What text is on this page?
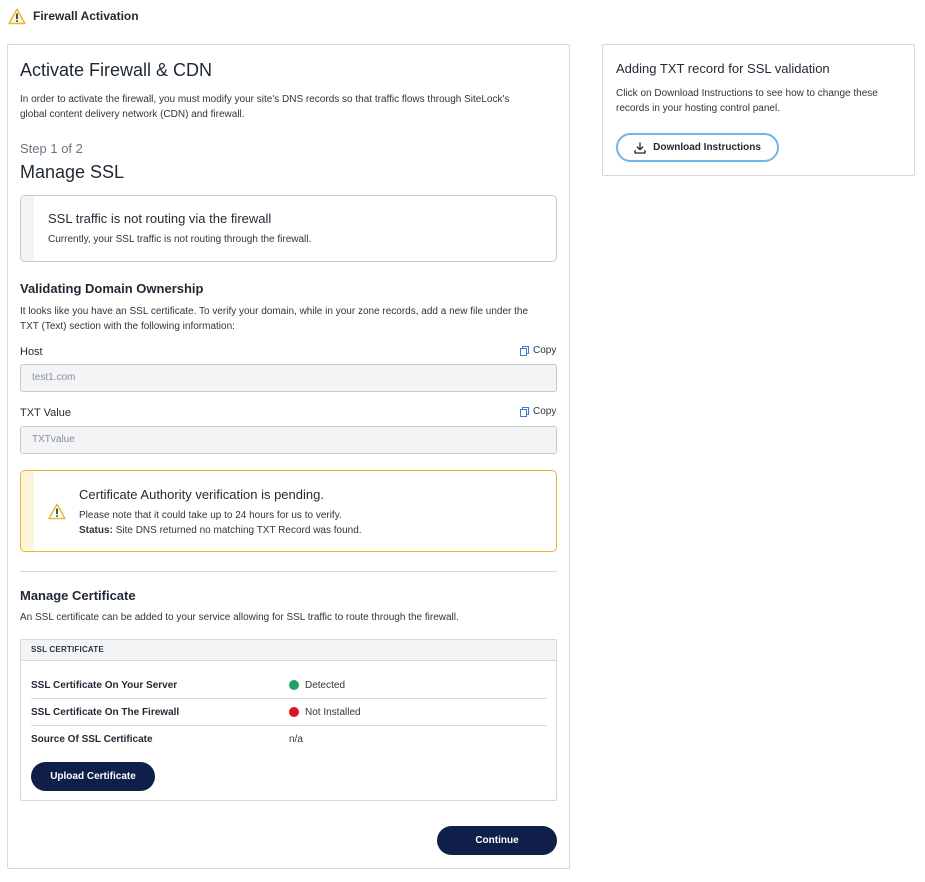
Firewall Activation
Activate Firewall & CDN
In order to activate the firewall, you must modify your site's DNS records so that traffic flows through SiteLock's
global content delivery network (CDN) and firewall.
Step 1 of 2
Manage SSL
SSL traffic is not routing via the firewall
Currently, your SSL traffic is not routing through the firewall.
Validating Domain Ownership
It looks like you have an SSL certificate. To verify your domain, while in your zone records, add a new file under the
TXT (Text) section with the following information:
Host	Copy
test1.com
TXT Value	Copy
TXTvalue
Certificate Authority verification is pending.
Please note that it could take up to 24 hours for us to verify.
Status: Site DNS returned no matching TXT Record was found.
Manage Certificate
An SSL certificate can be added to your service allowing for SSL traffic to route through the firewall.
SSL CERTIFICATE
SSL Certificate On Your Server	Detected
SSL Certificate On The Firewall	Not Installed
Source Of SSL Certificate	n/a
Upload Certificate
Continue
Adding TXT record for SSL validation
Click on Download Instructions to see how to change these
records in your hosting control panel.
Download Instructions
